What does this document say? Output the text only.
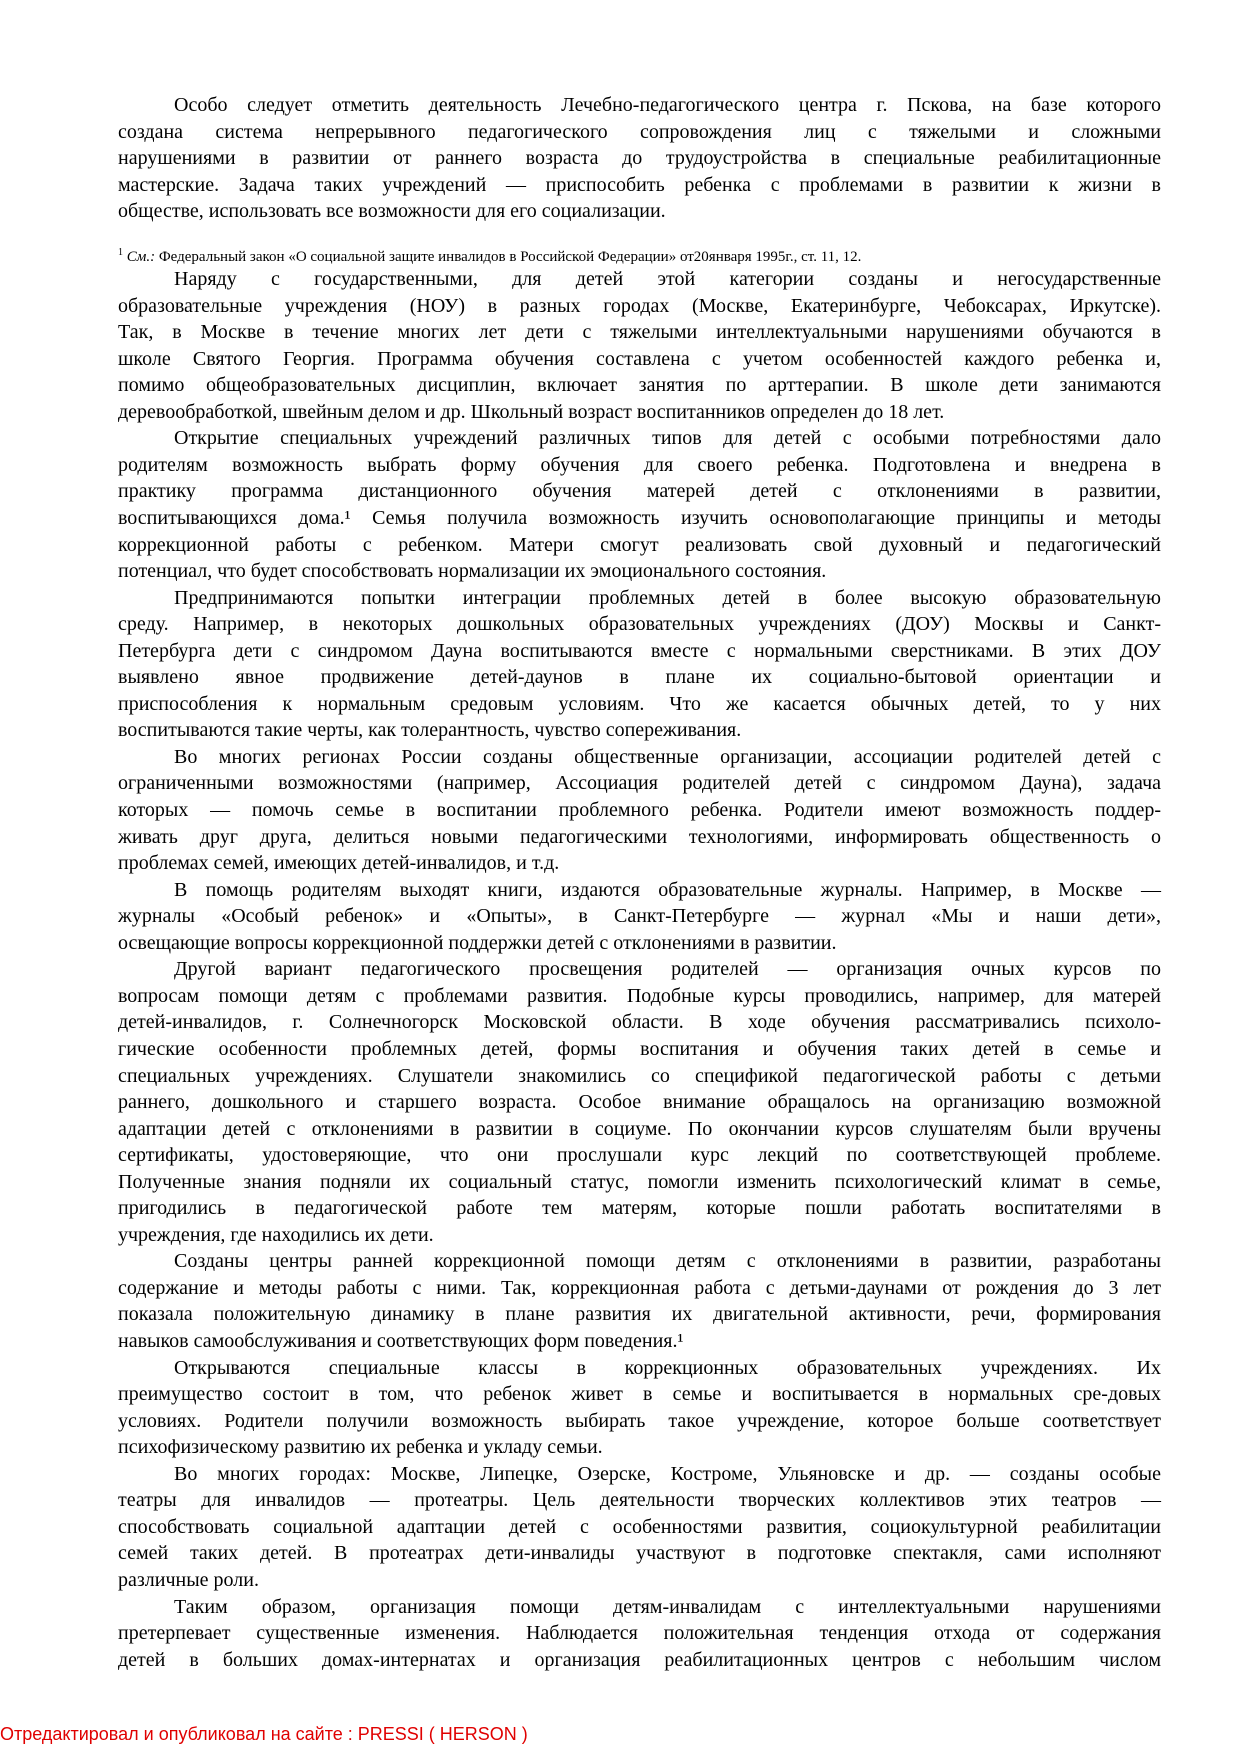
Особо следует отметить деятельность Лечебно-педагогического центра г. Пскова, на базе которого
создана система непрерывного педагогического сопровождения лиц с тяжелыми и сложными
нарушениями в развитии от раннего возраста до трудоустройства в специальные реабилитационные
мастерские. Задача таких учреждений — приспособить ребенка с проблемами в развитии к жизни в
обществе, использовать все возможности для его социализации.
Наряду с государственными, для детей этой категории созданы и негосударственные
образовательные учреждения (НОУ) в разных городах (Москве, Екатеринбурге, Чебоксарах, Иркутске).
Так, в Москве в течение многих лет дети с тяжелыми интеллектуальными нарушениями обучаются в
школе Святого Георгия. Программа обучения составлена с учетом особенностей каждого ребенка и,
помимо общеобразовательных дисциплин, включает занятия по арттерапии. В школе дети занимаются
деревообработкой, швейным делом и др. Школьный возраст воспитанников определен до 18 лет.
Открытие специальных учреждений различных типов для детей с особыми потребностями дало
родителям возможность выбрать форму обучения для своего ребенка. Подготовлена и внедрена в
практику программа дистанционного обучения матерей детей с отклонениями в развитии,
воспитывающихся дома.¹ Семья получила возможность изучить основополагающие принципы и методы
коррекционной работы с ребенком. Матери смогут реализовать свой духовный и педагогический
потенциал, что будет способствовать нормализации их эмоционального состояния.
Предпринимаются попытки интеграции проблемных детей в более высокую образовательную
среду. Например, в некоторых дошкольных образовательных учреждениях (ДОУ) Москвы и Санкт-
Петербурга дети с синдромом Дауна воспитываются вместе с нормальными сверстниками. В этих ДОУ
выявлено явное продвижение детей-даунов в плане их социально-бытовой ориентации и
приспособления к нормальным средовым условиям. Что же касается обычных детей, то у них
воспитываются такие черты, как толерантность, чувство сопереживания.
Во многих регионах России созданы общественные организации, ассоциации родителей детей с
ограниченными возможностями (например, Ассоциация родителей детей с синдромом Дауна), задача
которых — помочь семье в воспитании проблемного ребенка. Родители имеют возможность поддер-
живать друг друга, делиться новыми педагогическими технологиями, информировать общественность о
проблемах семей, имеющих детей-инвалидов, и т.д.
В помощь родителям выходят книги, издаются образовательные журналы. Например, в Москве —
журналы «Особый ребенок» и «Опыты», в Санкт-Петербурге — журнал «Мы и наши дети»,
освещающие вопросы коррекционной поддержки детей с отклонениями в развитии.
Другой вариант педагогического просвещения родителей — организация очных курсов по
вопросам помощи детям с проблемами развития. Подобные курсы проводились, например, для матерей
детей-инвалидов, г. Солнечногорск Московской области. В ходе обучения рассматривались психоло-
гические особенности проблемных детей, формы воспитания и обучения таких детей в семье и
специальных учреждениях. Слушатели знакомились со спецификой педагогической работы с детьми
раннего, дошкольного и старшего возраста. Особое внимание обращалось на организацию возможной
адаптации детей с отклонениями в развитии в социуме. По окончании курсов слушателям были вручены
сертификаты, удостоверяющие, что они прослушали курс лекций по соответствующей проблеме.
Полученные знания подняли их социальный статус, помогли изменить психологический климат в семье,
пригодились в педагогической работе тем матерям, которые пошли работать воспитателями в
учреждения, где находились их дети.
Созданы центры ранней коррекционной помощи детям с отклонениями в развитии, разработаны
содержание и методы работы с ними. Так, коррекционная работа с детьми-даунами от рождения до 3 лет
показала положительную динамику в плане развития их двигательной активности, речи, формирования
навыков самообслуживания и соответствующих форм поведения.¹
Открываются специальные классы в коррекционных образовательных учреждениях. Их
преимущество состоит в том, что ребенок живет в семье и воспитывается в нормальных сре-довых
условиях. Родители получили возможность выбирать такое учреждение, которое больше соответствует
психофизическому развитию их ребенка и укладу семьи.
Во многих городах: Москве, Липецке, Озерске, Костроме, Ульяновске и др. — созданы особые
театры для инвалидов — протеатры. Цель деятельности творческих коллективов этих театров —
способствовать социальной адаптации детей с особенностями развития, социокультурной реабилитации
семей таких детей. В протеатрах дети-инвалиды участвуют в подготовке спектакля, сами исполняют
различные роли.
Таким образом, организация помощи детям-инвалидам с интеллектуальными нарушениями
претерпевает существенные изменения. Наблюдается положительная тенденция отхода от содержания
детей в больших домах-интернатах и организация реабилитационных центров с небольшим числом
$^1$ См.: Федеральный закон «О социальной защите инвалидов в Российской Федерации» от20января 1995г., ст. 11, 12.
Отредактировал и опубликовал на сайте : PRESSI ( HERSON )
